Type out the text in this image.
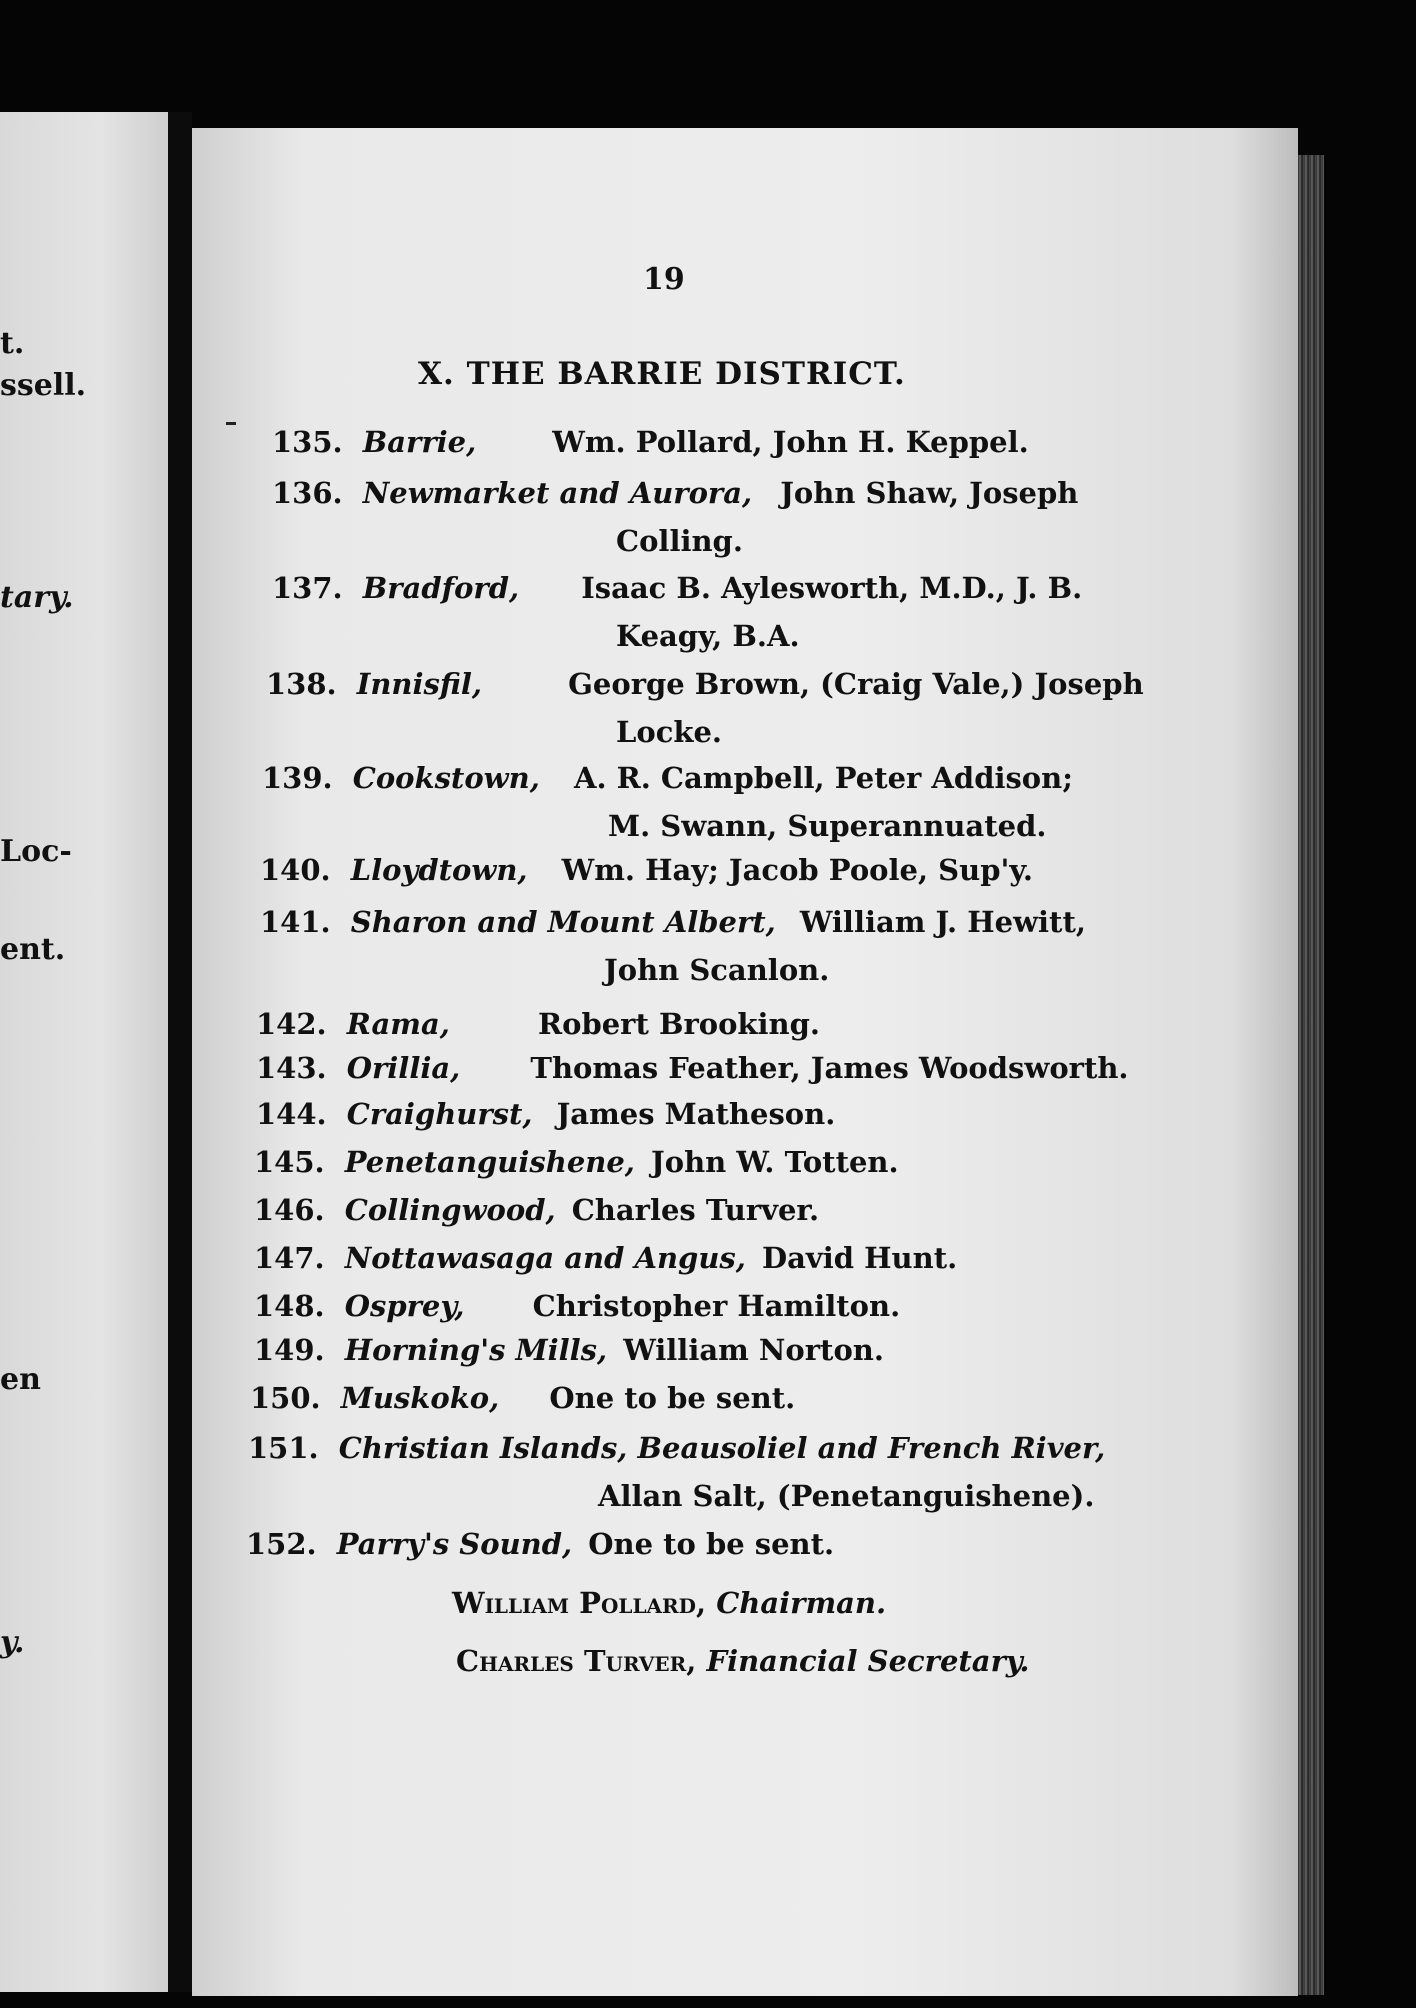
t.
ssell.
tary.
Loc-
ent.
en
y.
19
X. THE BARRIE DISTRICT.
135. Barrie,	Wm. Pollard, John H. Keppel.
136. Newmarket and Aurora, John Shaw, Joseph
Colling.
137. Bradford, Isaac B. Aylesworth, M.D., J. B.
Keagy, B.A.
138. Innisfil,	George Brown, (Craig Vale,) Joseph
Locke.
139. Cookstown, A. R. Campbell, Peter Addison;
M. Swann, Superannuated.
140. Lloydtown, Wm. Hay; Jacob Poole, Sup'y.
141. Sharon and Mount Albert, William J. Hewitt,
John Scanlon.
142. Rama,	Robert Brooking.
143. Orillia, Thomas Feather, James Woodsworth.
144. Craighurst, James Matheson.
145. Penetanguishene, John W. Totten.
146. Collingwood, Charles Turver.
147. Nottawasaga and Angus, David Hunt.
148. Osprey, Christopher Hamilton.
149. Horning's Mills, William Norton.
150. Muskoko, One to be sent.
151. Christian Islands, Beausoliel and French River,
Allan Salt, (Penetanguishene).
152. Parry's Sound, One to be sent.
William Pollard, Chairman.
Charles Turver, Financial Secretary.
